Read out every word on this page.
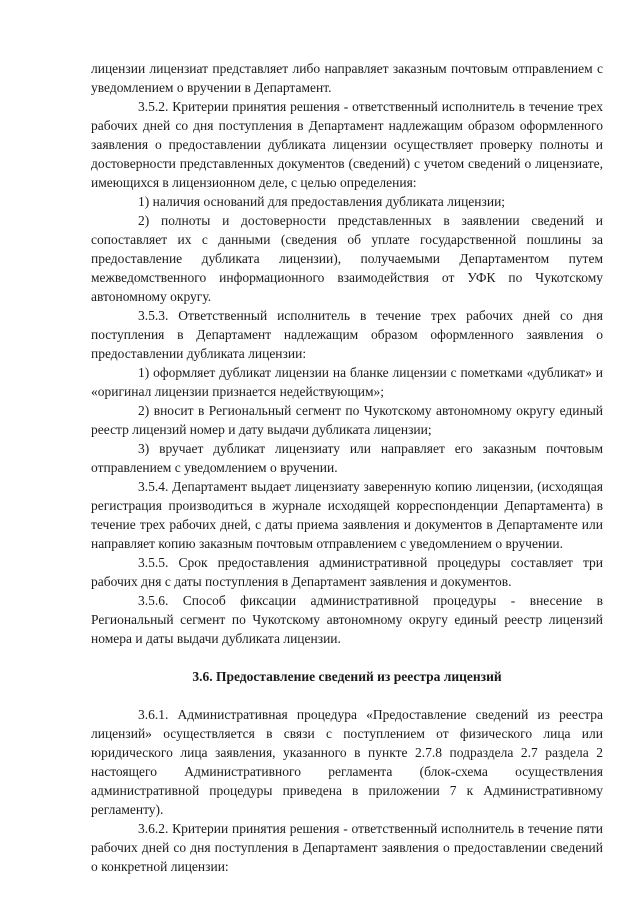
лицензии лицензиат представляет либо направляет заказным почтовым отправлением с уведомлением о вручении в Департамент.

3.5.2. Критерии принятия решения - ответственный исполнитель в течение трех рабочих дней со дня поступления в Департамент надлежащим образом оформленного заявления о предоставлении дубликата лицензии осуществляет проверку полноты и достоверности представленных документов (сведений) с учетом сведений о лицензиате, имеющихся в лицензионном деле, с целью определения:

1) наличия оснований для предоставления дубликата лицензии;

2) полноты и достоверности представленных в заявлении сведений и сопоставляет их с данными (сведения об уплате государственной пошлины за предоставление дубликата лицензии), получаемыми Департаментом путем межведомственного информационного взаимодействия от УФК по Чукотскому автономному округу.

3.5.3. Ответственный исполнитель в течение трех рабочих дней со дня поступления в Департамент надлежащим образом оформленного заявления о предоставлении дубликата лицензии:

1) оформляет дубликат лицензии на бланке лицензии с пометками «дубликат» и «оригинал лицензии признается недействующим»;

2) вносит в Региональный сегмент по Чукотскому автономному округу единый реестр лицензий номер и дату выдачи дубликата лицензии;

3) вручает дубликат лицензиату или направляет его заказным почтовым отправлением с уведомлением о вручении.

3.5.4. Департамент выдает лицензиату заверенную копию лицензии, (исходящая регистрация производиться в журнале исходящей корреспонденции Департамента) в течение трех рабочих дней, с даты приема заявления и документов в Департаменте или направляет копию заказным почтовым отправлением с уведомлением о вручении.

3.5.5. Срок предоставления административной процедуры составляет три рабочих дня с даты поступления в Департамент заявления и документов.

3.5.6. Способ фиксации административной процедуры - внесение в Региональный сегмент по Чукотскому автономному округу единый реестр лицензий номера и даты выдачи дубликата лицензии.

3.6. Предоставление сведений из реестра лицензий

3.6.1. Административная процедура «Предоставление сведений из реестра лицензий» осуществляется в связи с поступлением от физического лица или юридического лица заявления, указанного в пункте 2.7.8 подраздела 2.7 раздела 2 настоящего Административного регламента (блок-схема осуществления административной процедуры приведена в приложении 7 к Административному регламенту).

3.6.2. Критерии принятия решения - ответственный исполнитель в течение пяти рабочих дней со дня поступления в Департамент заявления о предоставлении сведений о конкретной лицензии:
